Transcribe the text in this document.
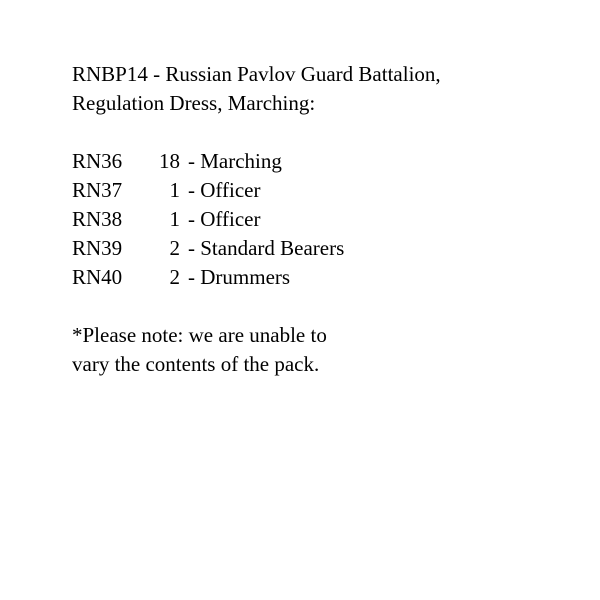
RNBP14 - Russian Pavlov Guard Battalion,
Regulation Dress, Marching:
RN36	18 - Marching
RN37	1 - Officer
RN38	1 - Officer
RN39	2 - Standard Bearers
RN40	2 - Drummers
*Please note: we are unable to
vary the contents of the pack.
